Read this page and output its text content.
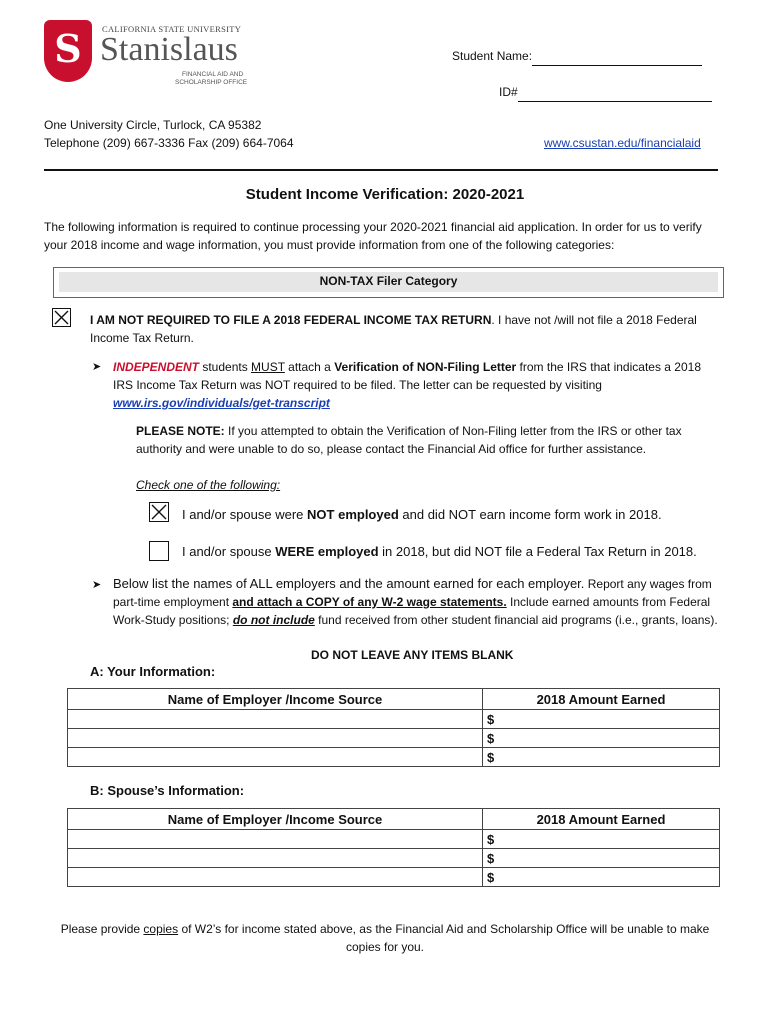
S	CALIFORNIA STATE UNIVERSITY
Stanislaus
FINANCIAL AID AND
SCHOLARSHIP OFFICE
Student Name:
ID#
One University Circle, Turlock, CA 95382
Telephone (209) 667-3336 Fax (209) 664-7064	www.csustan.edu/financialaid
Student Income Verification: 2020-2021
The following information is required to continue processing your 2020-2021 financial aid application. In order for us to verify your 2018 income and wage information, you must provide information from one of the following categories:
NON-TAX Filer Category
I AM NOT REQUIRED TO FILE A 2018 FEDERAL INCOME TAX RETURN. I have not /will not file a 2018 Federal Income Tax Return.
➤ INDEPENDENT students MUST attach a Verification of NON-Filing Letter from the IRS that indicates a 2018 IRS Income Tax Return was NOT required to be filed. The letter can be requested by visiting www.irs.gov/individuals/get-transcript
PLEASE NOTE: If you attempted to obtain the Verification of Non-Filing letter from the IRS or other tax authority and were unable to do so, please contact the Financial Aid office for further assistance.
Check one of the following:
I and/or spouse were NOT employed and did NOT earn income form work in 2018.
I and/or spouse WERE employed in 2018, but did NOT file a Federal Tax Return in 2018.
➤ Below list the names of ALL employers and the amount earned for each employer. Report any wages from part-time employment and attach a COPY of any W-2 wage statements. Include earned amounts from Federal Work-Study positions; do not include fund received from other student financial aid programs (i.e., grants, loans).
DO NOT LEAVE ANY ITEMS BLANK
A: Your Information:
Name of Employer /Income Source	2018 Amount Earned
	$
	$
	$
B: Spouse’s Information:
Name of Employer /Income Source	2018 Amount Earned
	$
	$
	$
Please provide copies of W2’s for income stated above, as the Financial Aid and Scholarship Office will be unable to make copies for you.
